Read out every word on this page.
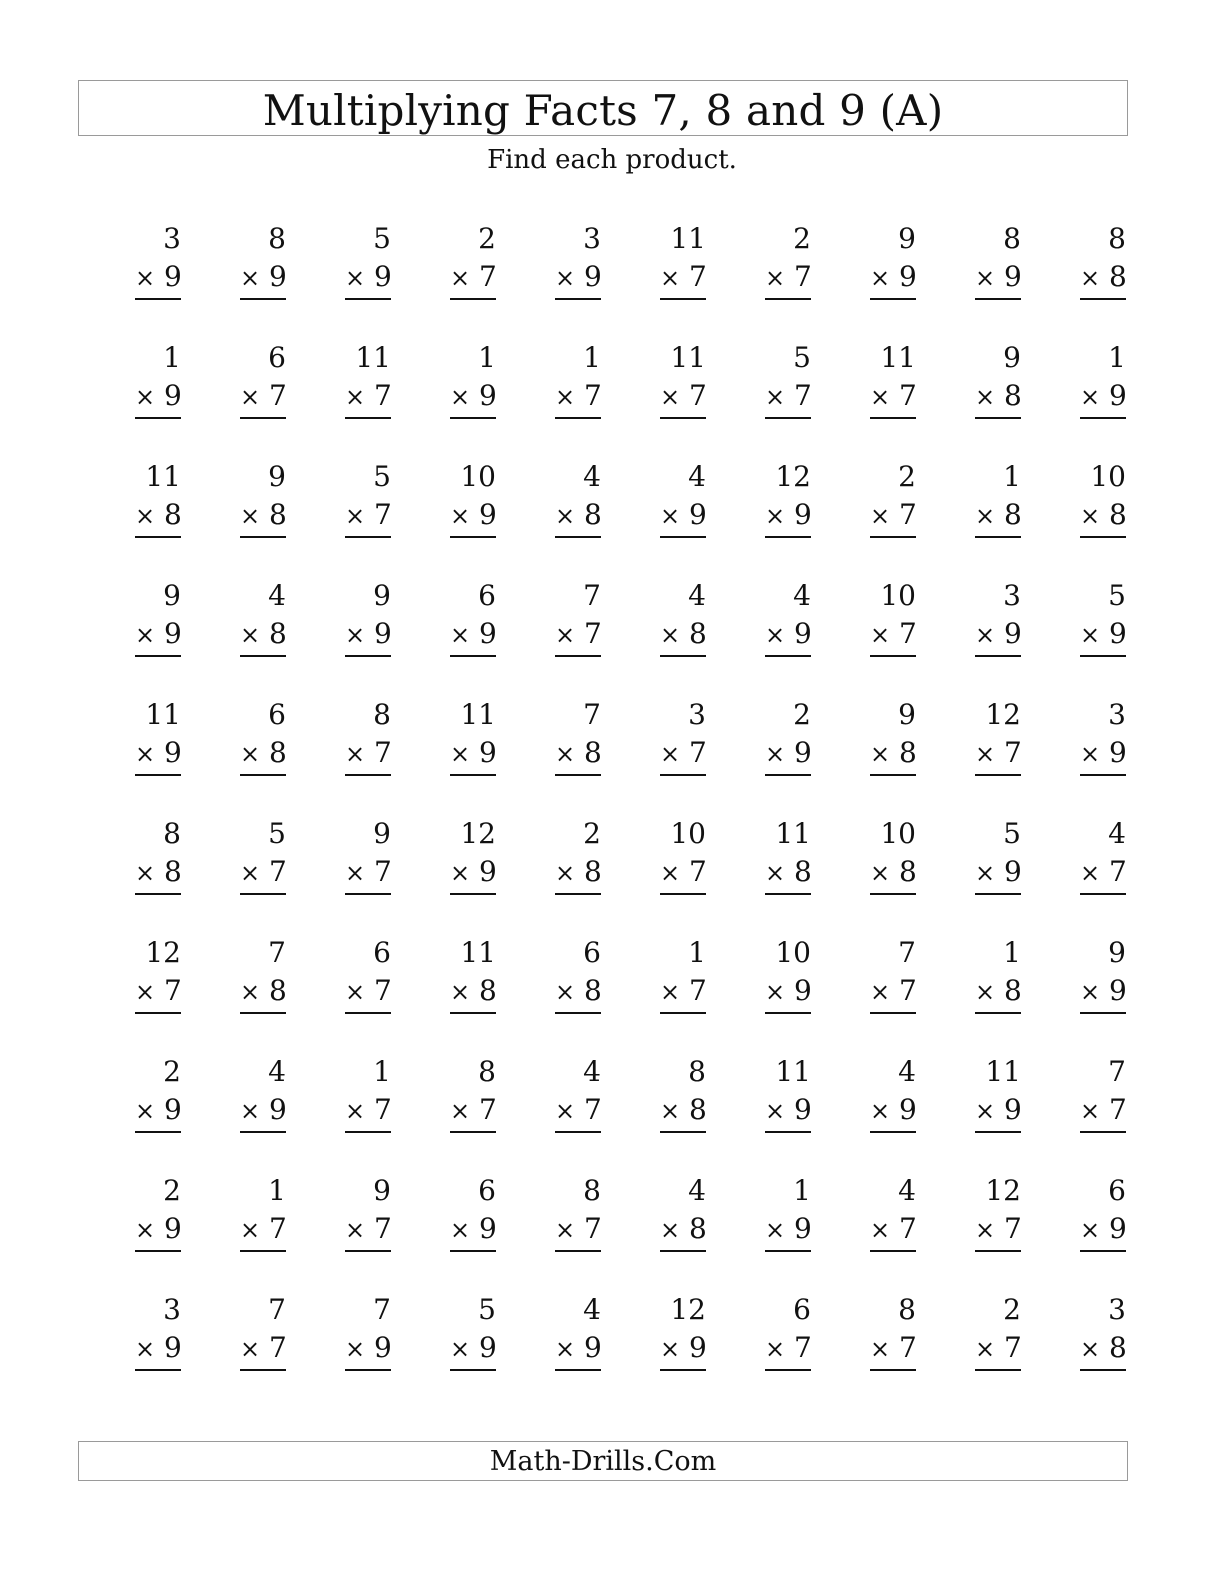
Multiplying Facts 7, 8 and 9 (A)
Find each product.
3
× 9
8
× 9
5
× 9
2
× 7
3
× 9
11
× 7
2
× 7
9
× 9
8
× 9
8
× 8
1
× 9
6
× 7
11
× 7
1
× 9
1
× 7
11
× 7
5
× 7
11
× 7
9
× 8
1
× 9
11
× 8
9
× 8
5
× 7
10
× 9
4
× 8
4
× 9
12
× 9
2
× 7
1
× 8
10
× 8
9
× 9
4
× 8
9
× 9
6
× 9
7
× 7
4
× 8
4
× 9
10
× 7
3
× 9
5
× 9
11
× 9
6
× 8
8
× 7
11
× 9
7
× 8
3
× 7
2
× 9
9
× 8
12
× 7
3
× 9
8
× 8
5
× 7
9
× 7
12
× 9
2
× 8
10
× 7
11
× 8
10
× 8
5
× 9
4
× 7
12
× 7
7
× 8
6
× 7
11
× 8
6
× 8
1
× 7
10
× 9
7
× 7
1
× 8
9
× 9
2
× 9
4
× 9
1
× 7
8
× 7
4
× 7
8
× 8
11
× 9
4
× 9
11
× 9
7
× 7
2
× 9
1
× 7
9
× 7
6
× 9
8
× 7
4
× 8
1
× 9
4
× 7
12
× 7
6
× 9
3
× 9
7
× 7
7
× 9
5
× 9
4
× 9
12
× 9
6
× 7
8
× 7
2
× 7
3
× 8
Math-Drills.Com
